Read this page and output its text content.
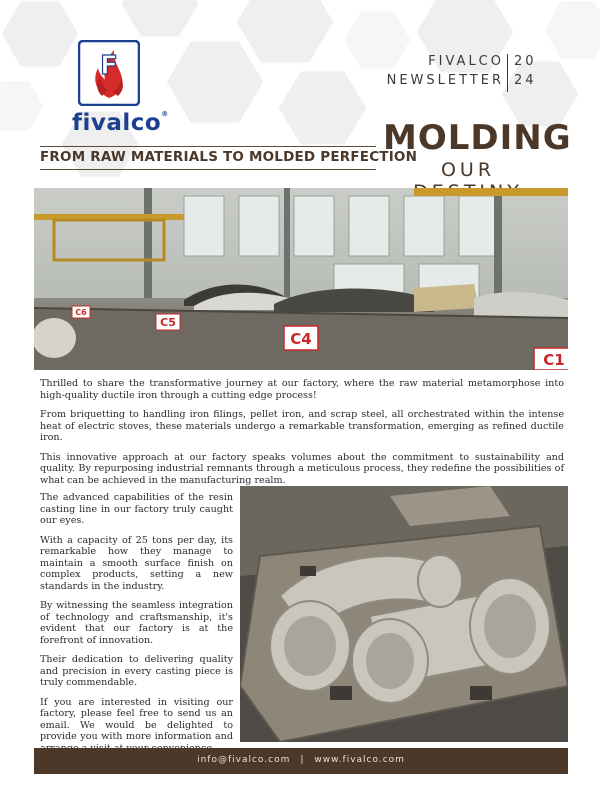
F
fivalco®
FIVALCO
NEWSLETTER
20
24
FROM RAW MATERIALS TO MOLDED PERFECTION
MOLDING
OUR
C6
C5
C4
C1

Thrilled to share the transformative journey at our factory, where the raw material metamorphose into high-quality ductile iron through a cutting edge process!

From briquetting to handling iron filings, pellet iron, and scrap steel, all orchestrated within the intense heat of electric stoves, these materials undergo a remarkable transformation, emerging as refined ductile iron.

This innovative approach at our factory speaks volumes about the commitment to sustainability and quality. By repurposing industrial remnants through a meticulous process, they redefine the possibilities of what can be achieved in the manufacturing realm.

The advanced capabilities of the resin casting line in our factory truly caught our eyes.

With a capacity of 25 tons per day, its remarkable how they manage to maintain a smooth surface finish on complex products, setting a new standards in the industry.

By witnessing the seamless integration of technology and craftsmanship, it's evident that our factory is at the forefront of innovation.

Their dedication to delivering quality and precision in every casting piece is truly commendable.

If you are interested in visiting our factory, please feel free to send us an email. We would be delighted to provide you with more information and

info@fivalco.com | www.fivalco.com
